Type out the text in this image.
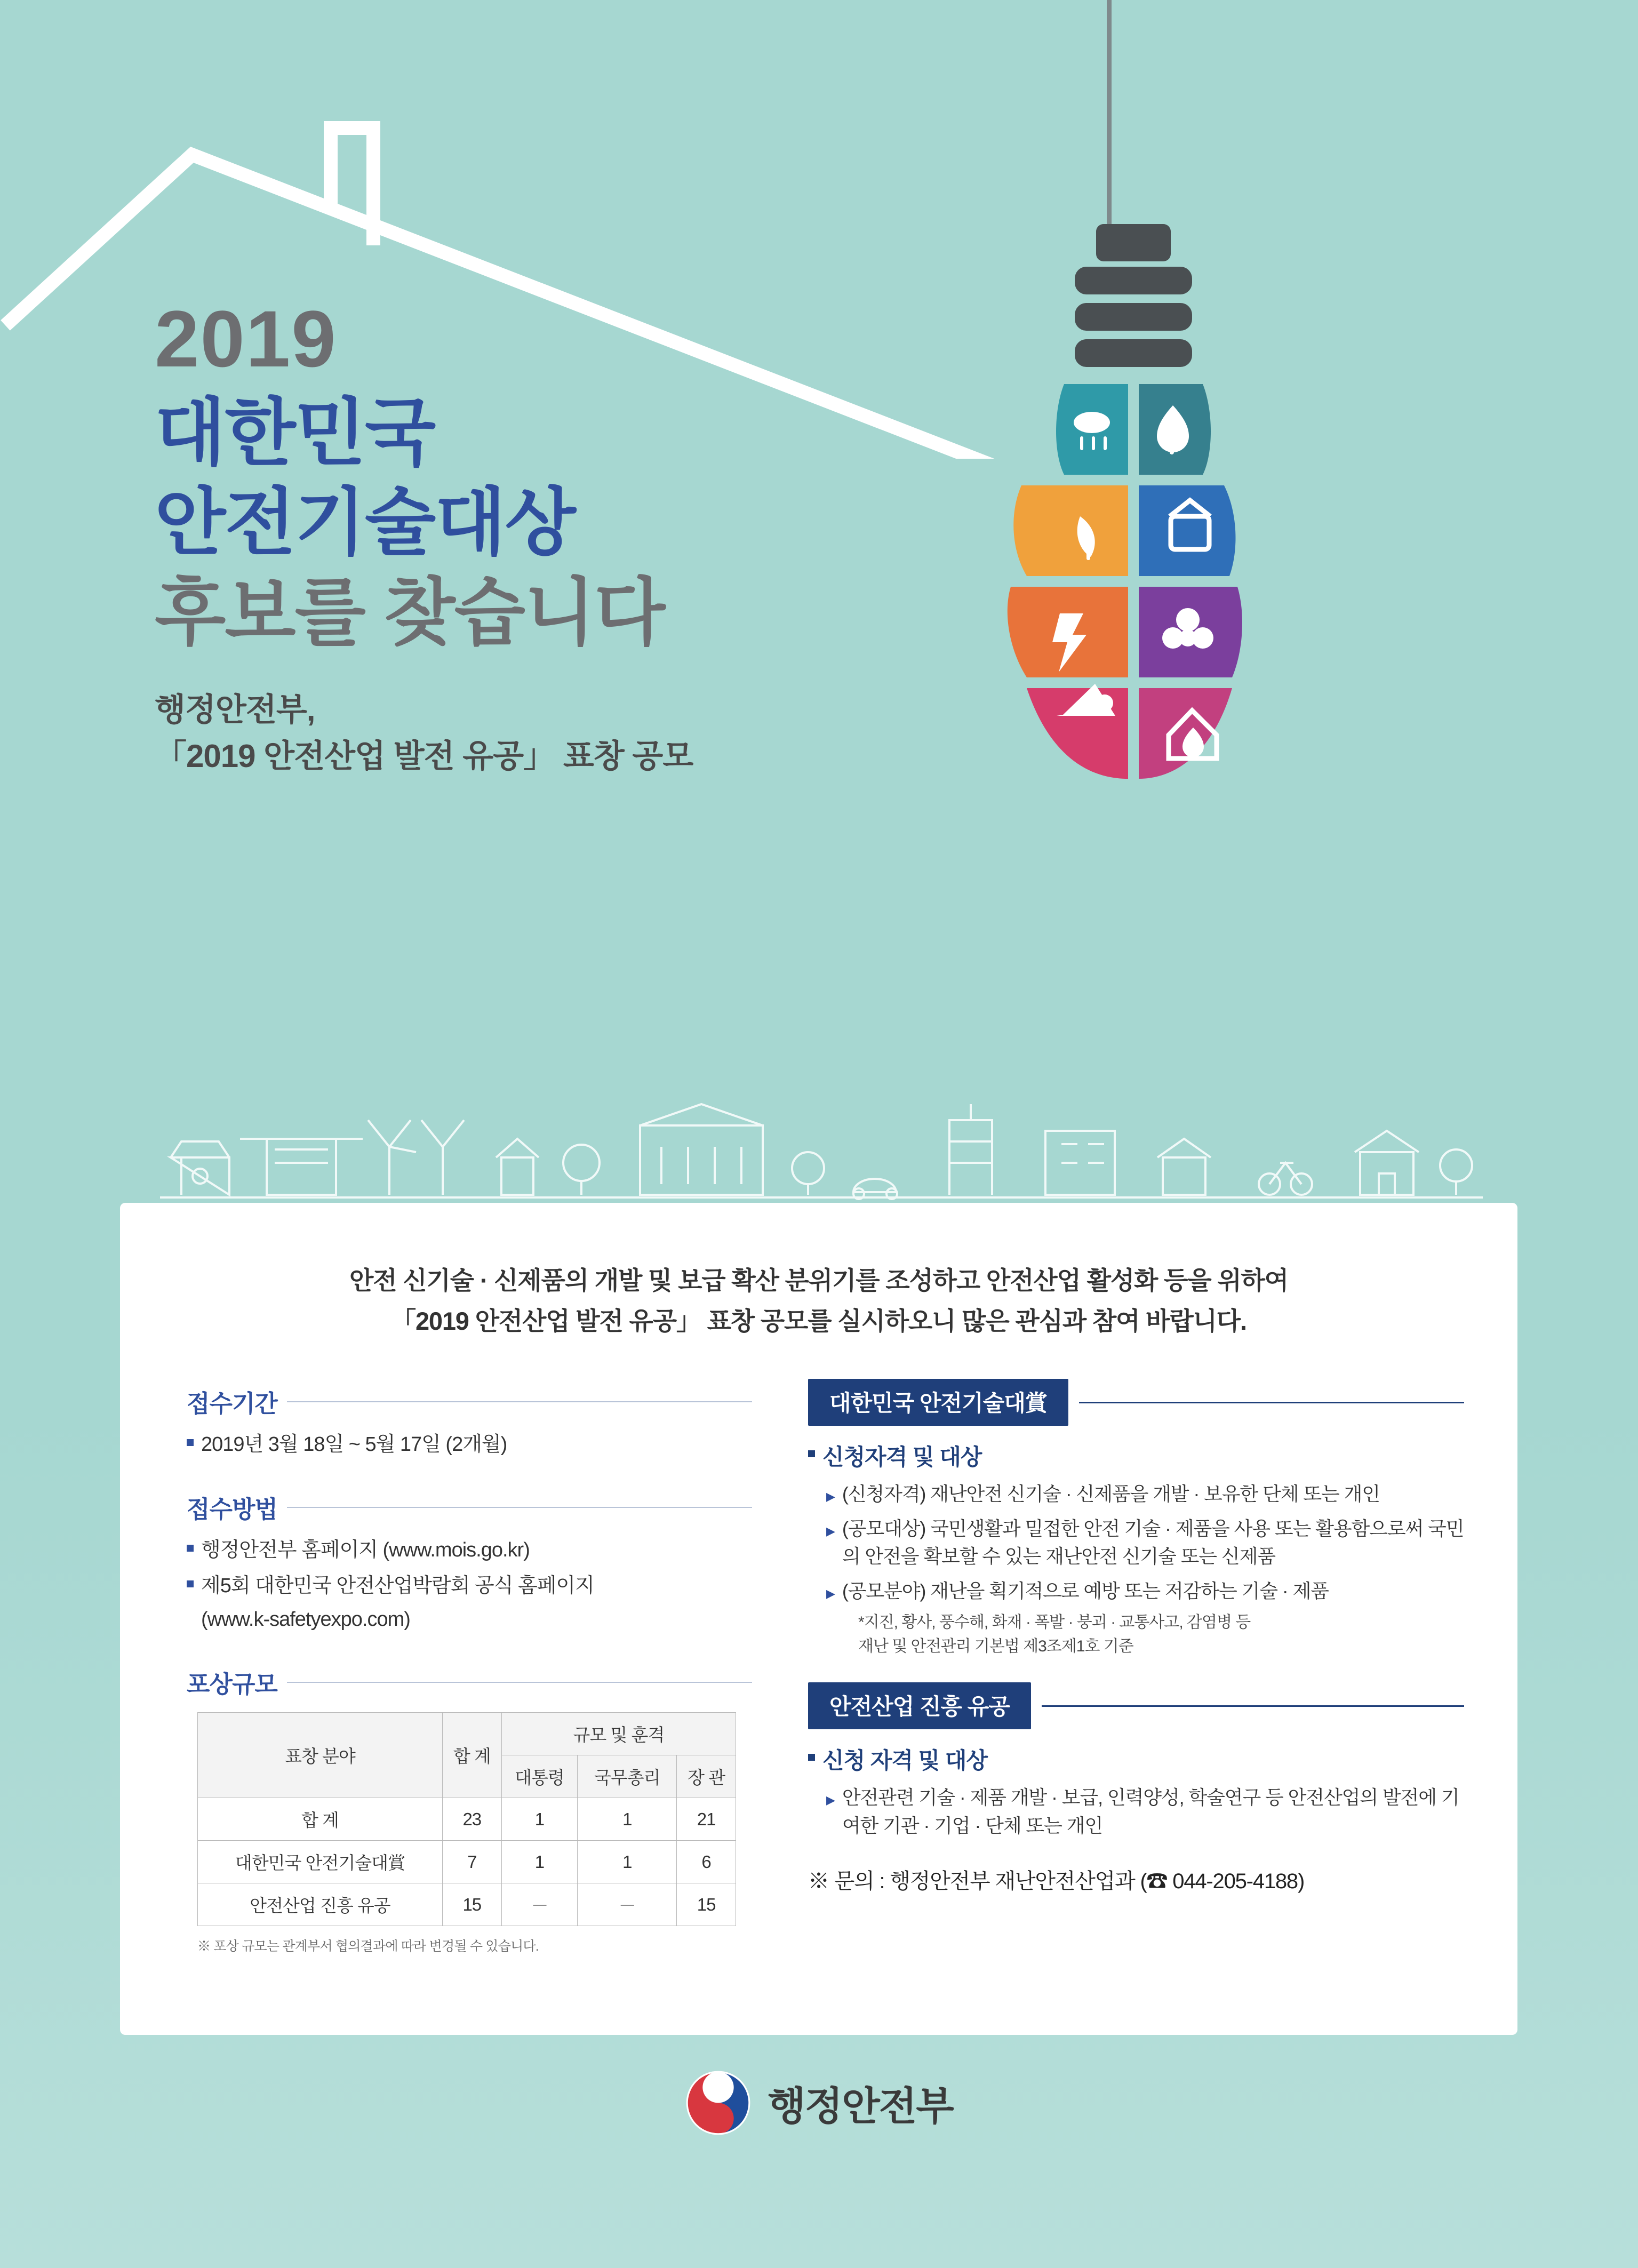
2019
대한민국
안전기술대상
후보를 찾습니다
행정안전부,
「2019 안전산업 발전 유공」 표창 공모
안전 신기술 · 신제품의 개발 및 보급 확산 분위기를 조성하고 안전산업 활성화 등을 위하여
「2019 안전산업 발전 유공」 표창 공모를 실시하오니 많은 관심과 참여 바랍니다.
접수기간
2019년 3월 18일 ~ 5월 17일 (2개월)
접수방법
행정안전부 홈페이지 (www.mois.go.kr)
제5회 대한민국 안전산업박람회 공식 홈페이지
(www.k-safetyexpo.com)
포상규모
표창 분야	합 계	규모 및 훈격		
		대통령	국무총리	장 관
합 계	23	1	1	21
대한민국 안전기술대賞	7	1	1	6
안전산업 진흥 유공	15	－	－	15
※ 포상 규모는 관계부서 협의결과에 따라 변경될 수 있습니다.
대한민국 안전기술대賞
신청자격 및 대상
▶ (신청자격) 재난안전 신기술 · 신제품을 개발 · 보유한 단체 또는 개인
▶ (공모대상) 국민생활과 밀접한 안전 기술 · 제품을 사용 또는 활용함으로써 국민의 안전을 확보할 수 있는 재난안전 신기술 또는 신제품
▶ (공모분야) 재난을 획기적으로 예방 또는 저감하는 기술 · 제품
*지진, 황사, 풍수해, 화재 · 폭발 · 붕괴 · 교통사고, 감염병 등
재난 및 안전관리 기본법 제3조제1호 기준
안전산업 진흥 유공
신청 자격 및 대상
▶ 안전관련 기술 · 제품 개발 · 보급, 인력양성, 학술연구 등 안전산업의 발전에 기여한 기관 · 기업 · 단체 또는 개인
※ 문의 : 행정안전부 재난안전산업과 (☎ 044-205-4188)
행정안전부
